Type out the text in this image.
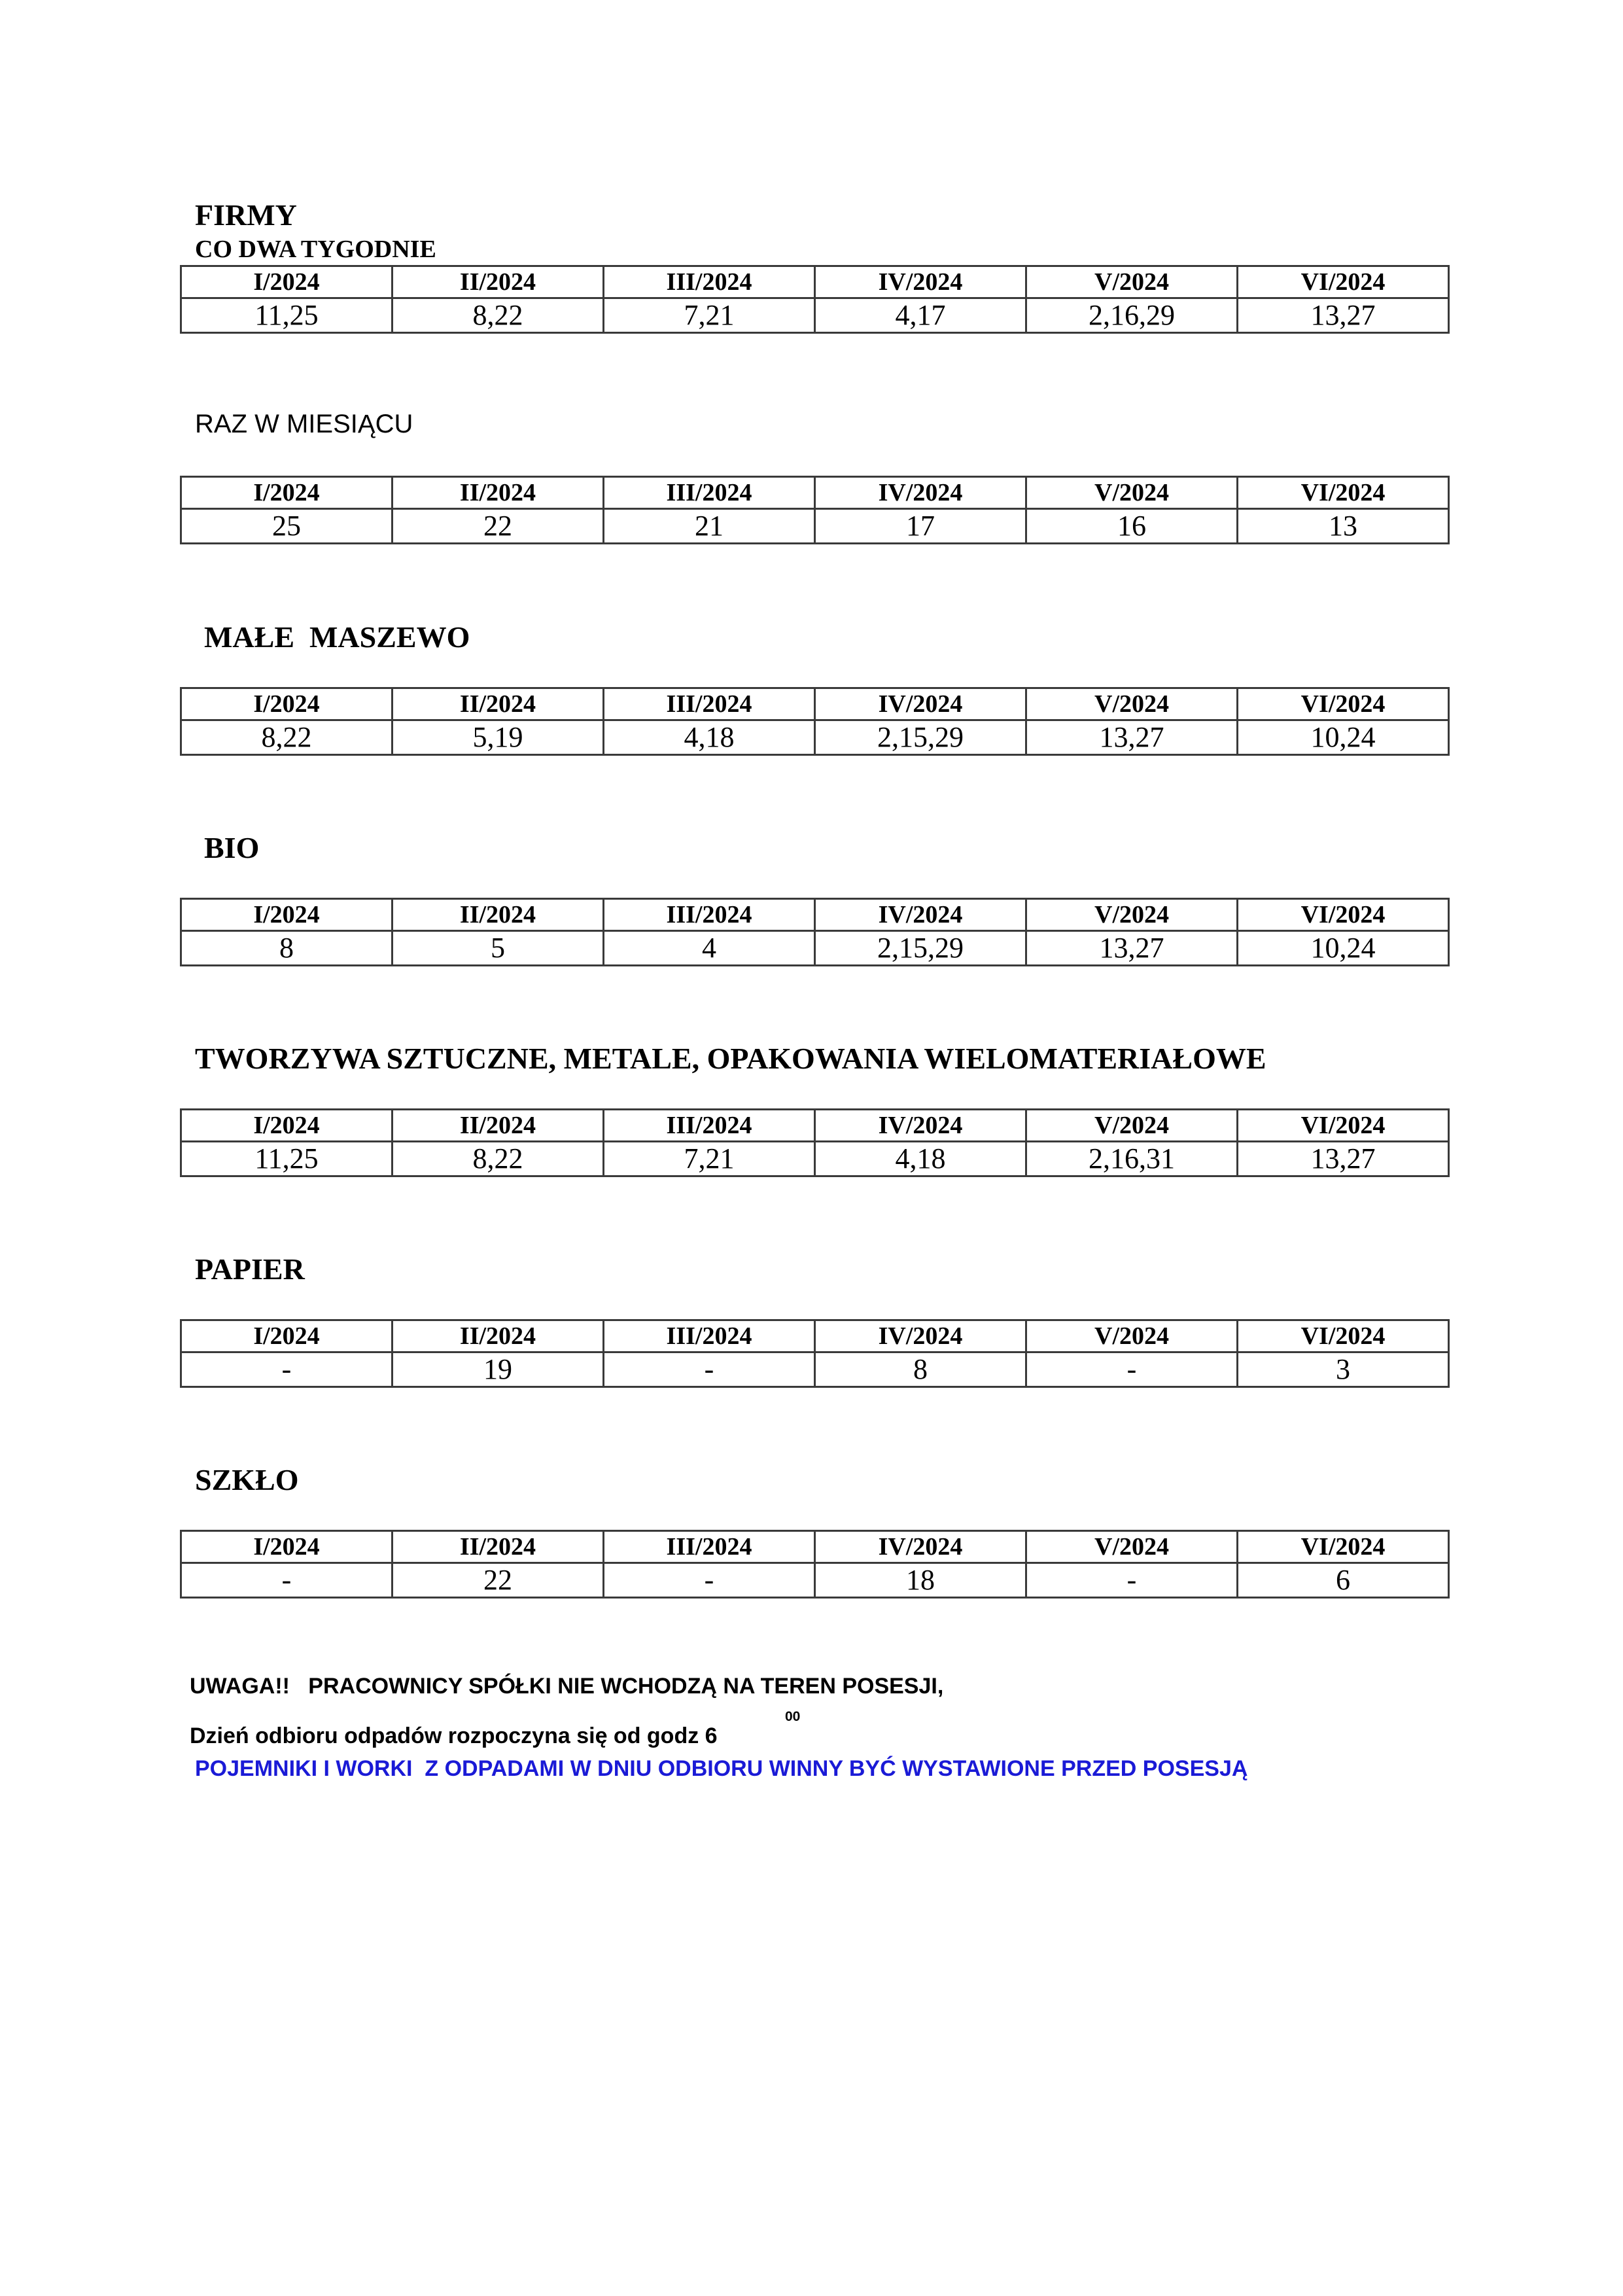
FIRMY
CO DWA TYGODNIE
I/2024	II/2024	III/2024	IV/2024	V/2024	VI/2024
11,25	8,22	7,21	4,17	2,16,29	13,27
RAZ W MIESIĄCU
I/2024	II/2024	III/2024	IV/2024	V/2024	VI/2024
25	22	21	17	16	13
MAŁE  MASZEWO
I/2024	II/2024	III/2024	IV/2024	V/2024	VI/2024
8,22	5,19	4,18	2,15,29	13,27	10,24
BIO
I/2024	II/2024	III/2024	IV/2024	V/2024	VI/2024
8	5	4	2,15,29	13,27	10,24
TWORZYWA SZTUCZNE, METALE, OPAKOWANIA WIELOMATERIAŁOWE
I/2024	II/2024	III/2024	IV/2024	V/2024	VI/2024
11,25	8,22	7,21	4,18	2,16,31	13,27
PAPIER
I/2024	II/2024	III/2024	IV/2024	V/2024	VI/2024
-	19	-	8	-	3
SZKŁO
I/2024	II/2024	III/2024	IV/2024	V/2024	VI/2024
-	22	-	18	-	6
UWAGA!!   PRACOWNICY SPÓŁKI NIE WCHODZĄ NA TEREN POSESJI,
00
Dzień odbioru odpadów rozpoczyna się od godz 6
POJEMNIKI I WORKI  Z ODPADAMI W DNIU ODBIORU WINNY BYĆ WYSTAWIONE PRZED POSESJĄ
